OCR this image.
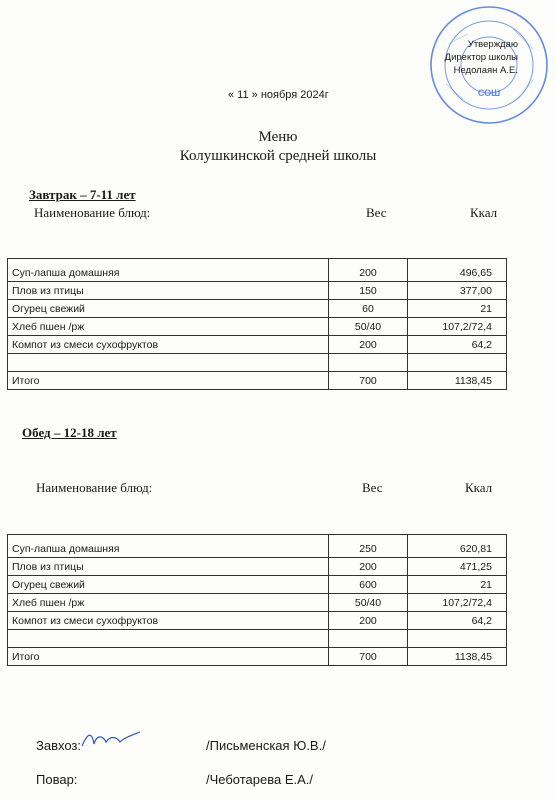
СОШ
Утверждаю
Директор школы
Недолаян А.Е.
« 11 » ноября 2024г
Меню
Колушкинской средней школы
Завтрак – 7-11 лет
Наименование блюд:	Вес	Ккал
Суп-лапша домашняя	200	496,65
Плов из птицы	150	377,00
Огурец свежий	60	21
Хлеб пшен /рж	50/40	107,2/72,4
Компот из смеси сухофруктов	200	64,2

Итого	700	1138,45
Обед – 12-18 лет
Наименование блюд:	Вес	Ккал
Суп-лапша домашняя	250	620,81
Плов из птицы	200	471,25
Огурец свежий	600	21
Хлеб пшен /рж	50/40	107,2/72,4
Компот из смеси сухофруктов	200	64,2

Итого	700	1138,45
Завхоз:	/Письменская Ю.В./
Повар:	/Чеботарева Е.А./
